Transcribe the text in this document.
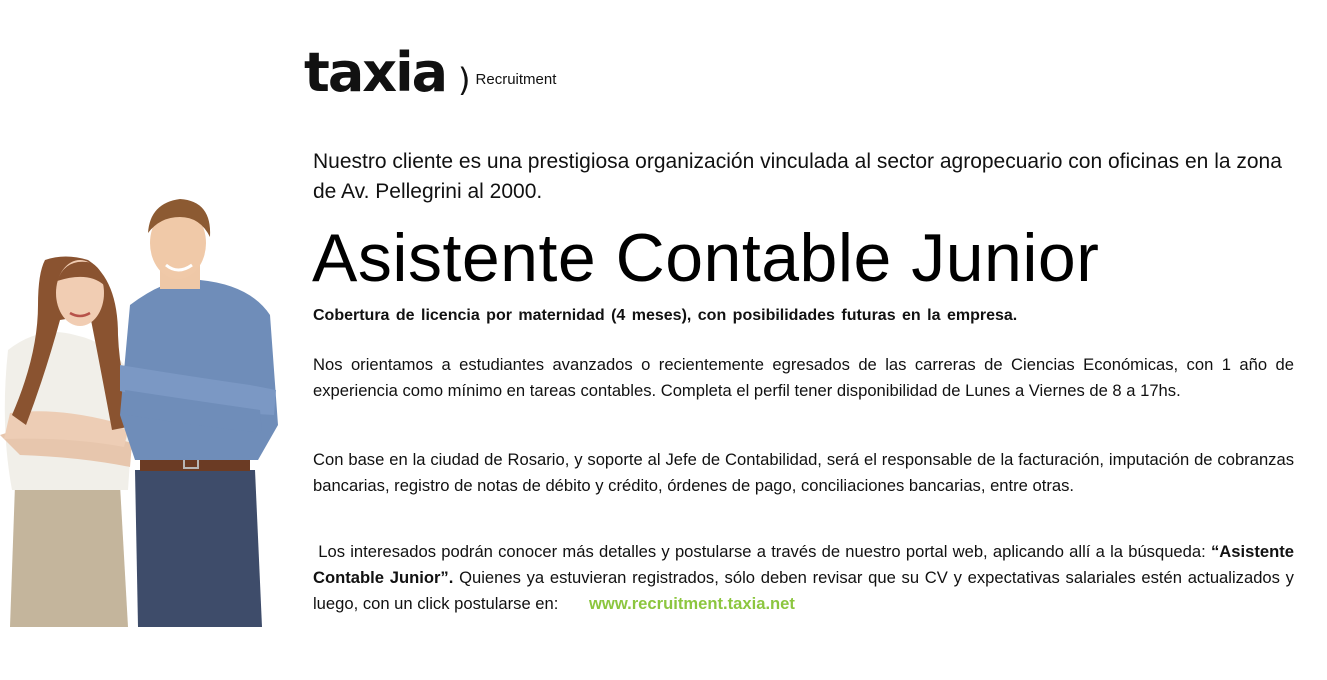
taxia ) Recruitment
Nuestro cliente es una prestigiosa organización vinculada al sector agropecuario con oficinas en la zona de Av. Pellegrini al 2000.
Asistente Contable Junior
Cobertura de licencia por maternidad (4 meses), con posibilidades futuras en la empresa.
Nos orientamos a estudiantes avanzados o recientemente egresados de las carreras de Ciencias Económicas, con 1 año de experiencia como mínimo en tareas contables. Completa el perfil tener disponibilidad de Lunes a Viernes de 8 a 17hs.
Con base en la ciudad de Rosario, y soporte al Jefe de Contabilidad, será el responsable de la facturación, imputación de cobranzas bancarias, registro de notas de débito y crédito, órdenes de pago, conciliaciones bancarias, entre otras.
Los interesados podrán conocer más detalles y postularse a través de nuestro portal web, aplicando allí a la búsqueda: “Asistente Contable Junior”. Quienes ya estuvieran registrados, sólo deben revisar que su CV y expectativas salariales estén actualizados y luego, con un click postularse en: www.recruitment.taxia.net
